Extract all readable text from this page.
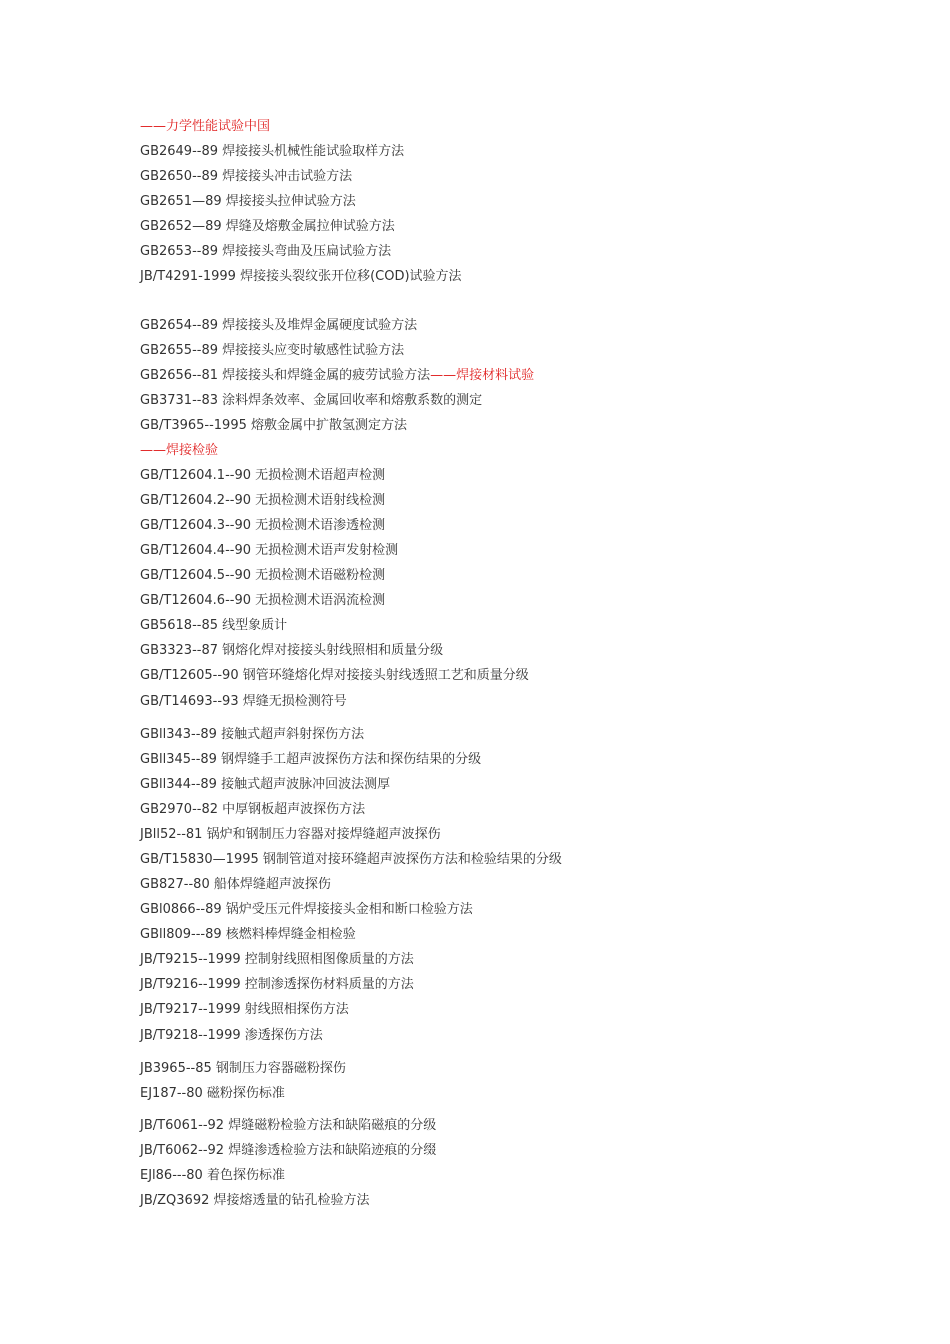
——力学性能试验中国
GB2649--89 焊接接头机械性能试验取样方法
GB2650--89 焊接接头冲击试验方法
GB2651—89 焊接接头拉伸试验方法
GB2652—89 焊缝及熔敷金属拉伸试验方法
GB2653--89 焊接接头弯曲及压扁试验方法
JB/T4291-1999 焊接接头裂纹张开位移(COD)试验方法
GB2654--89 焊接接头及堆焊金属硬度试验方法
GB2655--89 焊接接头应变时敏感性试验方法
GB2656--81 焊接接头和焊缝金属的疲劳试验方法——焊接材料试验
GB3731--83 涂料焊条效率、金属回收率和熔敷系数的测定
GB/T3965--1995 熔敷金属中扩散氢测定方法
——焊接检验
GB/T12604.1--90 无损检测术语超声检测
GB/T12604.2--90 无损检测术语射线检测
GB/T12604.3--90 无损检测术语渗透检测
GB/T12604.4--90 无损检测术语声发射检测
GB/T12604.5--90 无损检测术语磁粉检测
GB/T12604.6--90 无损检测术语涡流检测
GB5618--85 线型象质计
GB3323--87 钢熔化焊对接接头射线照相和质量分级
GB/T12605--90 钢管环缝熔化焊对接接头射线透照工艺和质量分级
GB/T14693--93 焊缝无损检测符号
GBll343--89 接触式超声斜射探伤方法
GBll345--89 钢焊缝手工超声波探伤方法和探伤结果的分级
GBll344--89 接触式超声波脉冲回波法测厚
GB2970--82 中厚钢板超声波探伤方法
JBll52--81 锅炉和钢制压力容器对接焊缝超声波探伤
GB/T15830—1995 钢制管道对接环缝超声波探伤方法和检验结果的分级
GB827--80 船体焊缝超声波探伤
GBl0866--89 锅炉受压元件焊接接头金相和断口检验方法
GBll809---89 核燃料棒焊缝金相检验
JB/T9215--1999 控制射线照相图像质量的方法
JB/T9216--1999 控制渗透探伤材料质量的方法
JB/T9217--1999 射线照相探伤方法
JB/T9218--1999 渗透探伤方法
JB3965--85 钢制压力容器磁粉探伤
EJ187--80 磁粉探伤标准
JB/T6061--92 焊缝磁粉检验方法和缺陷磁痕的分级
JB/T6062--92 焊缝渗透检验方法和缺陷迹痕的分缀
EJl86---80 着色探伤标准
JB/ZQ3692 焊接熔透量的钻孔检验方法
